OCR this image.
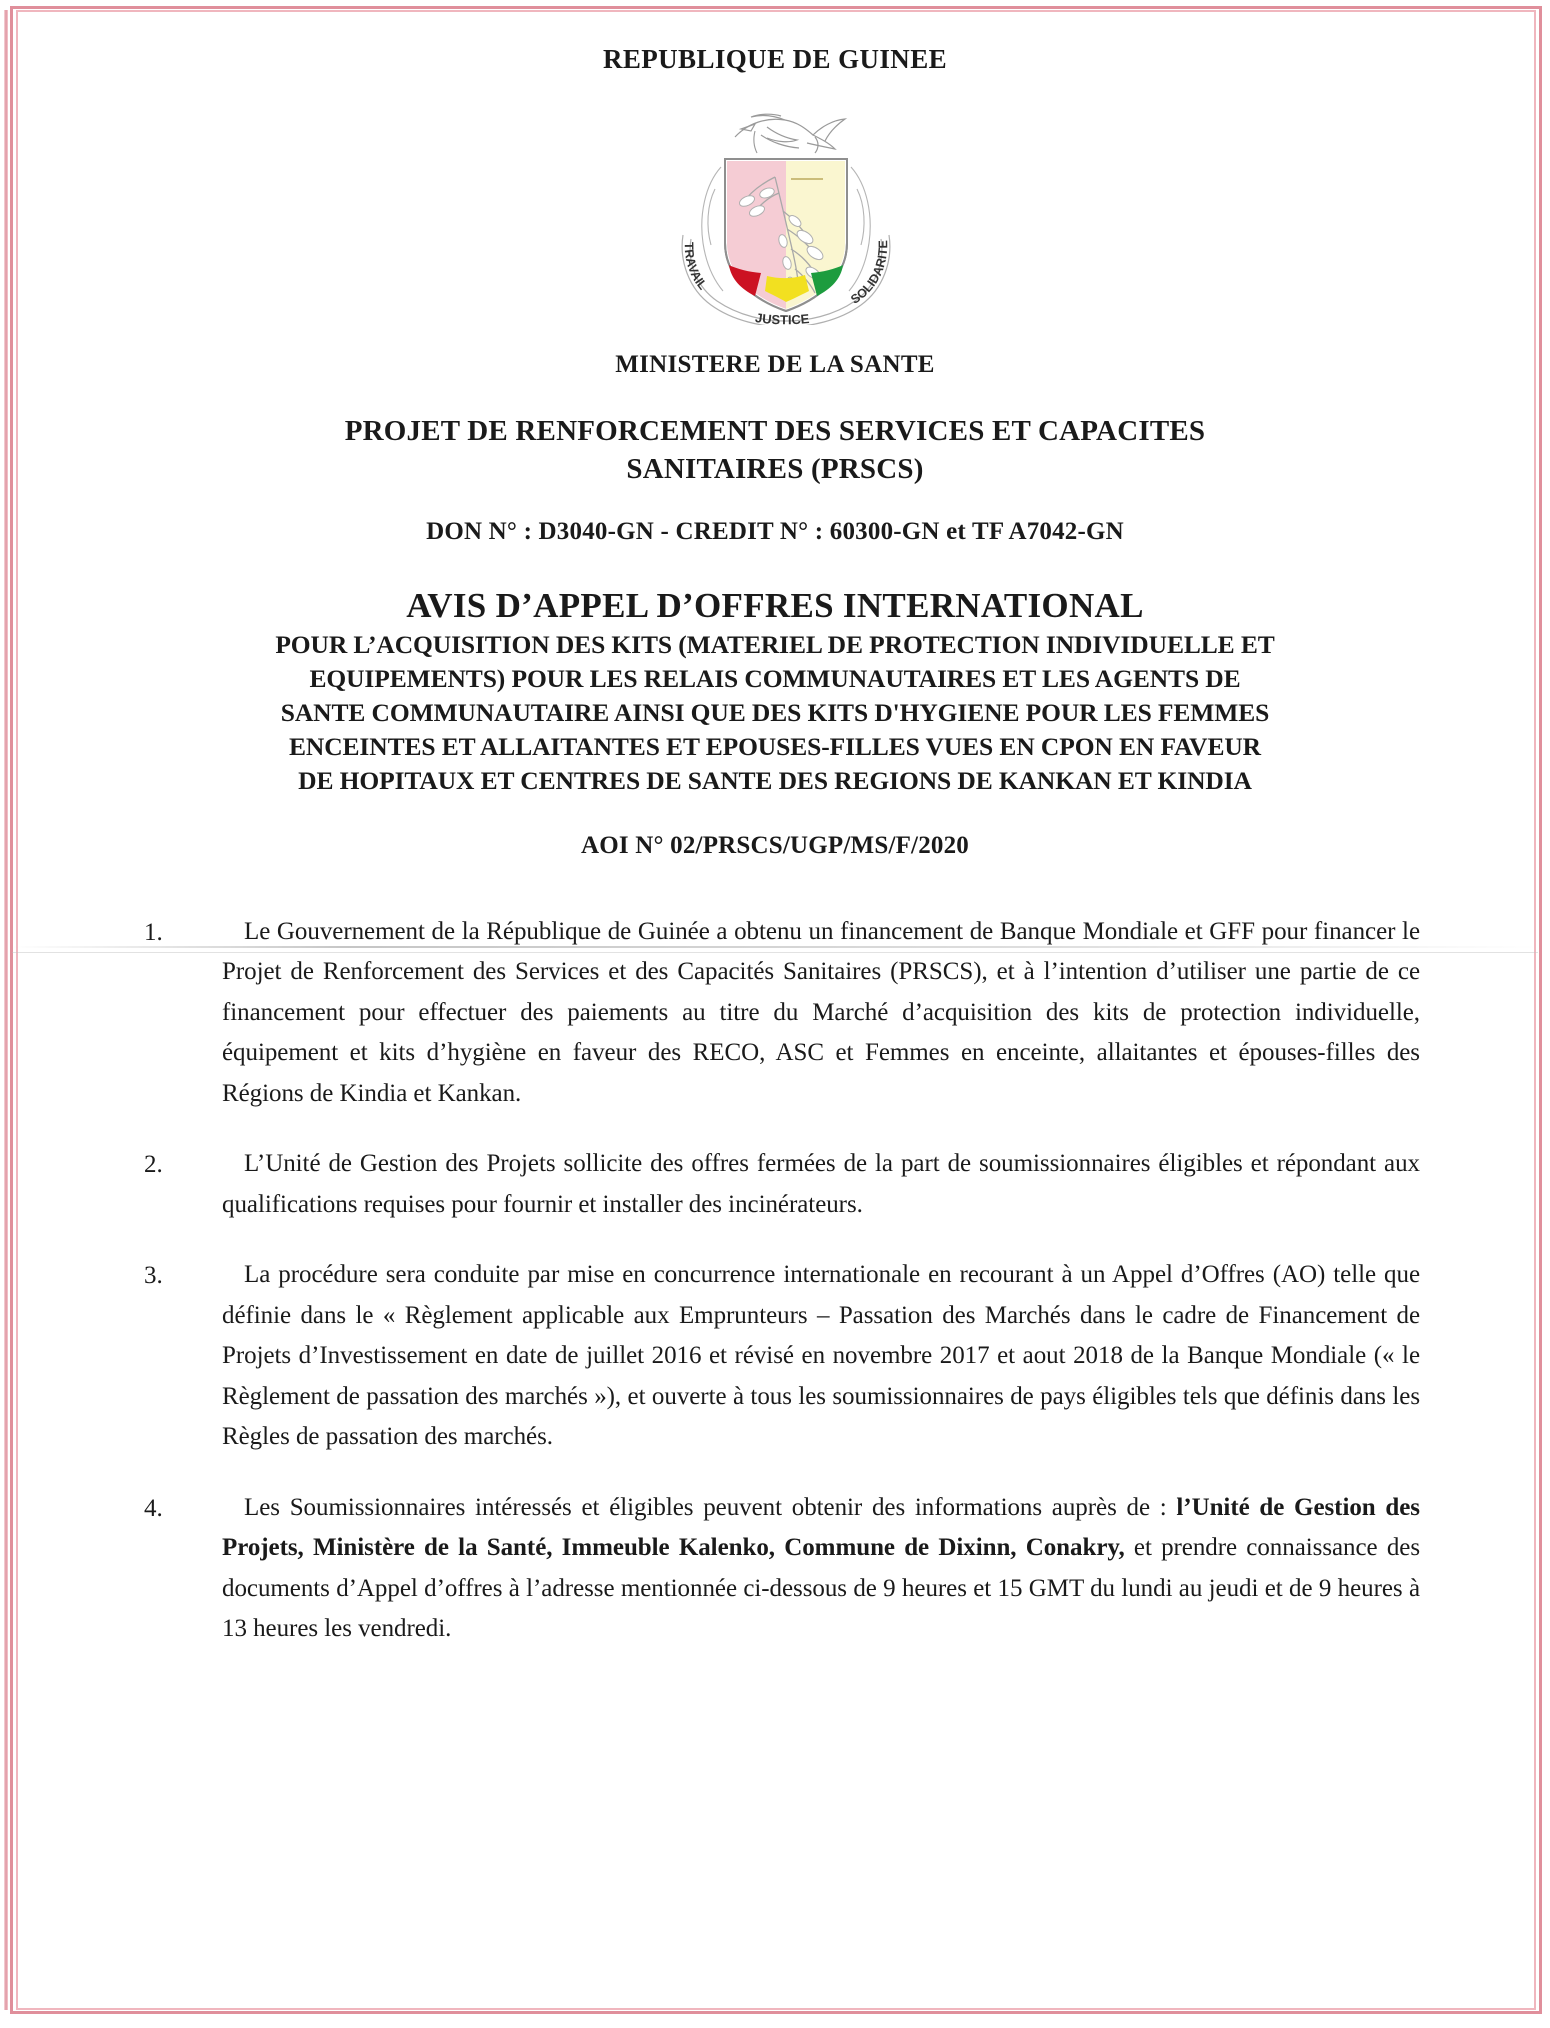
REPUBLIQUE DE GUINEE
TRAVAIL
JUSTICE
SOLIDARITE
MINISTERE DE LA SANTE
PROJET DE RENFORCEMENT DES SERVICES ET CAPACITES
SANITAIRES (PRSCS)
DON N° : D3040-GN - CREDIT N° : 60300-GN et TF A7042-GN
AVIS D’APPEL D’OFFRES INTERNATIONAL
POUR L’ACQUISITION DES KITS (MATERIEL DE PROTECTION INDIVIDUELLE ET
EQUIPEMENTS) POUR LES RELAIS COMMUNAUTAIRES ET LES AGENTS DE
SANTE COMMUNAUTAIRE AINSI QUE DES KITS D'HYGIENE POUR LES FEMMES
ENCEINTES ET ALLAITANTES ET EPOUSES-FILLES VUES EN CPON EN FAVEUR
DE HOPITAUX ET CENTRES DE SANTE DES REGIONS DE KANKAN ET KINDIA
AOI N° 02/PRSCS/UGP/MS/F/2020
1.	Le Gouvernement de la République de Guinée a obtenu un financement de Banque Mondiale et GFF pour financer le Projet de Renforcement des Services et des Capacités Sanitaires (PRSCS), et à l’intention d’utiliser une partie de ce financement pour effectuer des paiements au titre du Marché d’acquisition des kits de protection individuelle, équipement et kits d’hygiène en faveur des RECO, ASC et Femmes en enceinte, allaitantes et épouses-filles des Régions de Kindia et Kankan.
2.	L’Unité de Gestion des Projets sollicite des offres fermées de la part de soumissionnaires éligibles et répondant aux qualifications requises pour fournir et installer des incinérateurs.
3.	La procédure sera conduite par mise en concurrence internationale en recourant à un Appel d’Offres (AO) telle que définie dans le « Règlement applicable aux Emprunteurs – Passation des Marchés dans le cadre de Financement de Projets d’Investissement en date de juillet 2016 et révisé en novembre 2017 et aout 2018 de la Banque Mondiale (« le Règlement de passation des marchés »), et ouverte à tous les soumissionnaires de pays éligibles tels que définis dans les Règles de passation des marchés.
4.	Les Soumissionnaires intéressés et éligibles peuvent obtenir des informations auprès de : l’Unité de Gestion des Projets, Ministère de la Santé, Immeuble Kalenko, Commune de Dixinn, Conakry, et prendre connaissance des documents d’Appel d’offres à l’adresse mentionnée ci-dessous de 9 heures et 15 GMT du lundi au jeudi et de 9 heures à 13 heures les vendredi.
